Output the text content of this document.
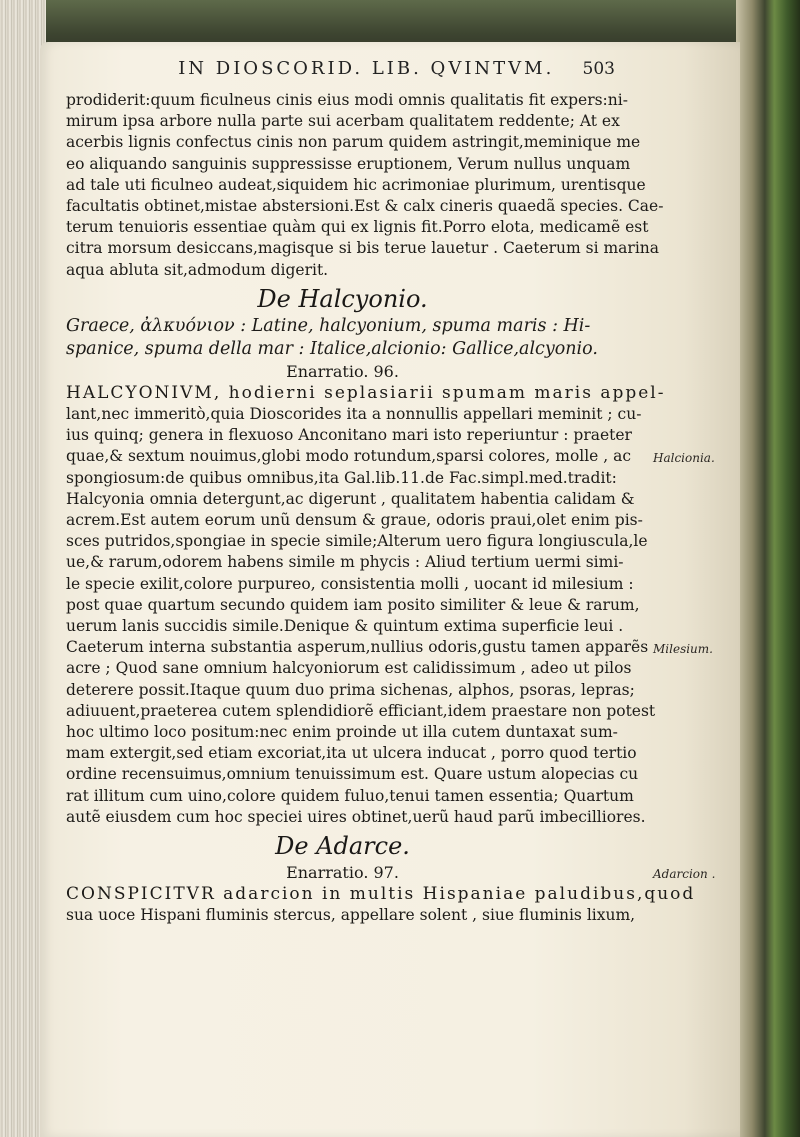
IN DIOSCORID. LIB. QVINTVM.	503
prodiderit:quum ficulneus cinis eius modi omnis qualitatis fit expers:ni-
mirum ipsa arbore nulla parte sui acerbam qualitatem reddente; At ex
acerbis lignis confectus cinis non parum quidem astringit,meminique me
eo aliquando sanguinis suppressisse eruptionem, Verum nullus unquam
ad tale uti ficulneo audeat,siquidem hic acrimoniae plurimum, urentisque
facultatis obtinet,mistae abstersioni.Est & calx cineris quaedã species. Cae-
terum tenuioris essentiae quàm qui ex lignis fit.Porro elota, medicamẽ est
citra morsum desiccans,magisque si bis terue lauetur . Caeterum si marina
aqua abluta sit,admodum digerit.
De Halcyonio.
Graece, ἀλκυόνιον : Latine, halcyonium, spuma maris : Hi-
spanice, spuma della mar : Italice,alcionio: Gallice,alcyonio.
Enarratio. 96.
HALCYONIVM, hodierni seplasiarii spumam maris appel-
lant,nec immeritò,quia Dioscorides ita a nonnullis appellari meminit ; cu-
ius quinq; genera in flexuoso Anconitano mari isto reperiuntur : praeter
quae,& sextum nouimus,globi modo rotundum,sparsi colores, molle , ac
spongiosum:de quibus omnibus,ita Gal.lib.11.de Fac.simpl.med.tradit:
Halcyonia omnia detergunt,ac digerunt , qualitatem habentia calidam &
acrem.Est autem eorum unũ densum & graue, odoris praui,olet enim pis-
sces putridos,spongiae in specie simile;Alterum uero figura longiuscula,le
ue,& rarum,odorem habens simile m phycis : Aliud tertium uermi simi-
le specie exilit,colore purpureo, consistentia molli , uocant id milesium :
post quae quartum secundo quidem iam posito similiter & leue & rarum,
uerum lanis succidis simile.Denique & quintum extima superficie leui .
Caeterum interna substantia asperum,nullius odoris,gustu tamen apparẽs
acre ; Quod sane omnium halcyoniorum est calidissimum , adeo ut pilos
deterere possit.Itaque quum duo prima sichenas, alphos, psoras, lepras;
adiuuent,praeterea cutem splendidiorẽ efficiant,idem praestare non potest
hoc ultimo loco positum:nec enim proinde ut illa cutem duntaxat sum-
mam extergit,sed etiam excoriat,ita ut ulcera inducat , porro quod tertio
ordine recensuimus,omnium tenuissimum est. Quare ustum alopecias cu
rat illitum cum uino,colore quidem fuluo,tenui tamen essentia; Quartum
autẽ eiusdem cum hoc speciei uires obtinet,uerũ haud parũ imbecilliores.
De Adarce.
Enarratio. 97.
CONSPICITVR adarcion in multis Hispaniae paludibus,quod
sua uoce Hispani fluminis stercus, appellare solent , siue fluminis lixum,
Halcionia.
Milesium.
Adarcion .
